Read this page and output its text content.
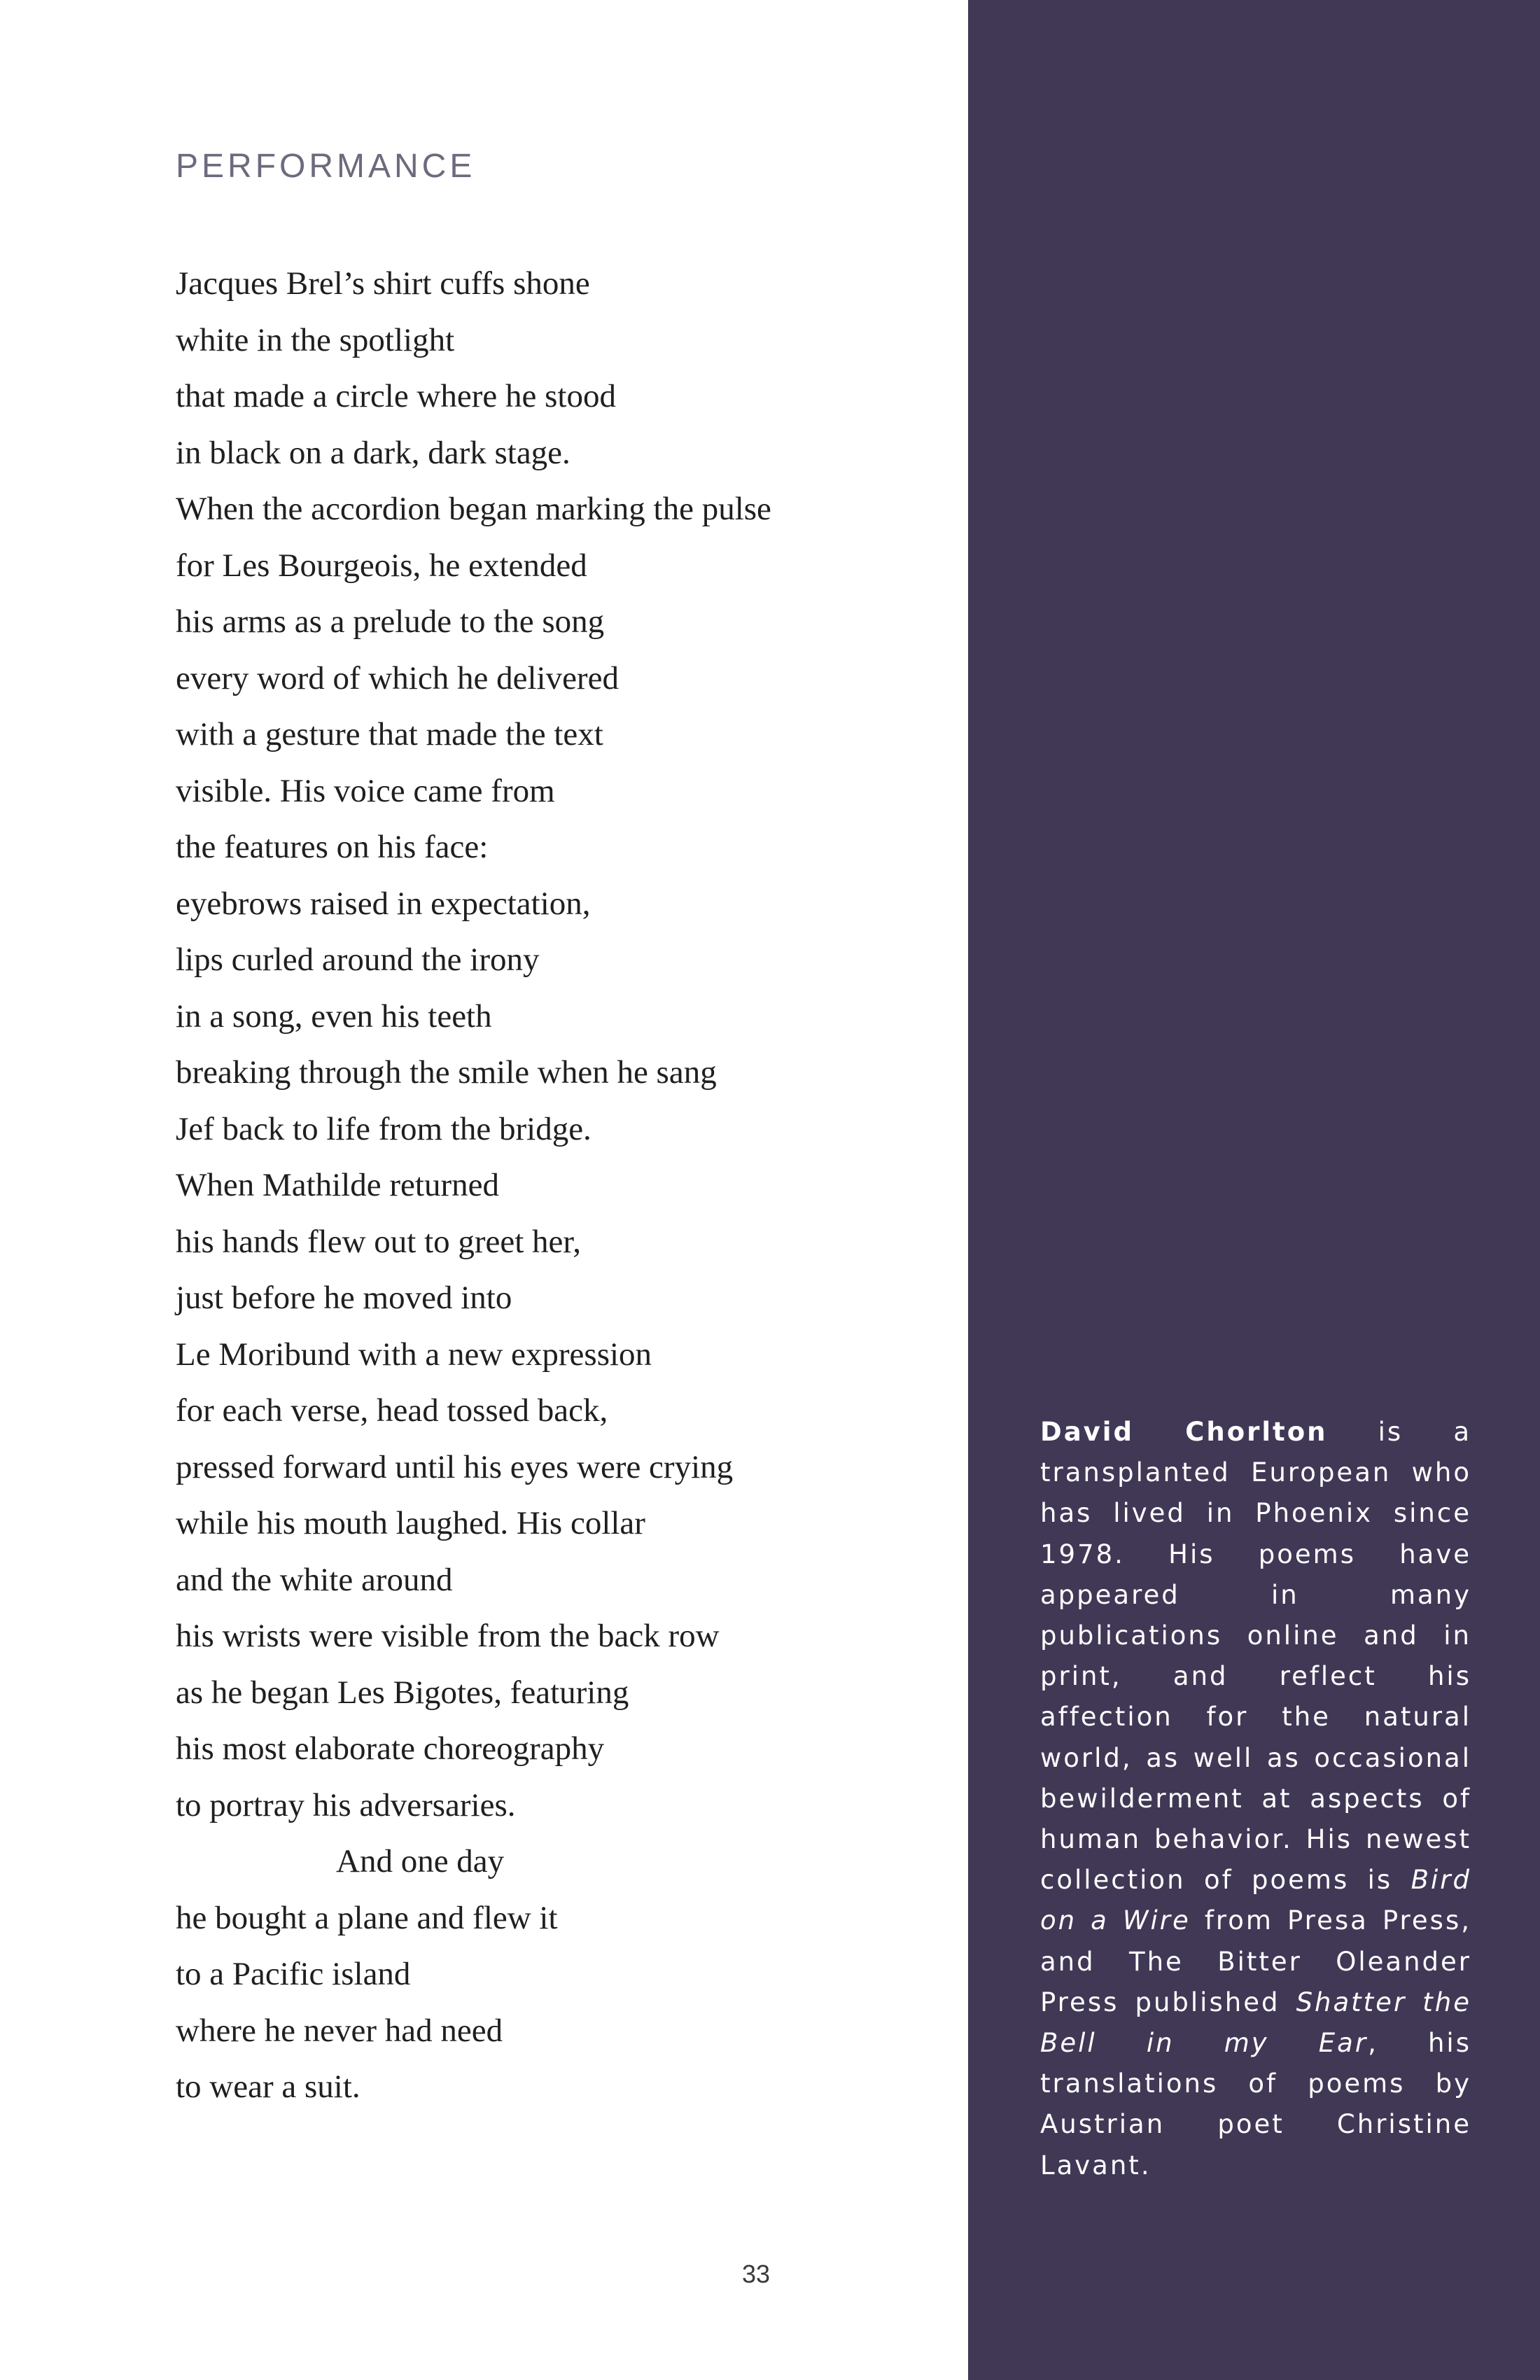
PERFORMANCE
Jacques Brel’s shirt cuffs shone
white in the spotlight
that made a circle where he stood
in black on a dark, dark stage.
When the accordion began marking the pulse
for Les Bourgeois, he extended
his arms as a prelude to the song
every word of which he delivered
with a gesture that made the text
visible. His voice came from
the features on his face:
eyebrows raised in expectation,
lips curled around the irony
in a song, even his teeth
breaking through the smile when he sang
Jef back to life from the bridge.
When Mathilde returned
his hands flew out to greet her,
just before he moved into
Le Moribund with a new expression
for each verse, head tossed back,
pressed forward until his eyes were crying
while his mouth laughed. His collar
and the white around
his wrists were visible from the back row
as he began Les Bigotes, featuring
his most elaborate choreography
to portray his adversaries.
And one day
he bought a plane and flew it
to a Pacific island
where he never had need
to wear a suit.
33

David Chorlton is a transplanted European who has lived in Phoenix since 1978. His poems have appeared in many publications online and in print, and reflect his affection for the natural world, as well as occasional bewilderment at aspects of human behavior. His newest collection of poems is Bird on a Wire from Presa Press, and The Bitter Oleander Press published Shatter the Bell in my Ear, his translations of poems by Austrian poet Christine Lavant.
